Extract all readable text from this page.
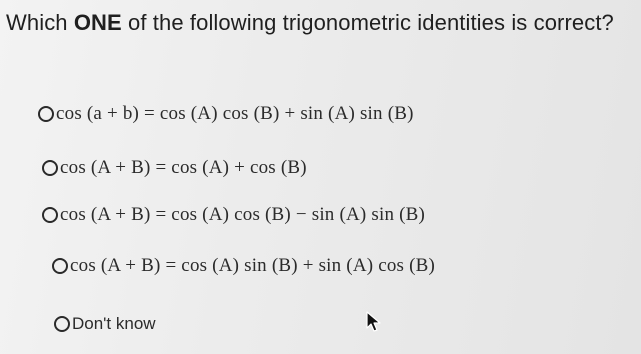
Which ONE of the following trigonometric identities is correct?
cos (a + b) = cos (A) cos (B) + sin (A) sin (B)
cos (A + B) = cos (A) + cos (B)
cos (A + B) = cos (A) cos (B) − sin (A) sin (B)
cos (A + B) = cos (A) sin (B) + sin (A) cos (B)
Don't know
